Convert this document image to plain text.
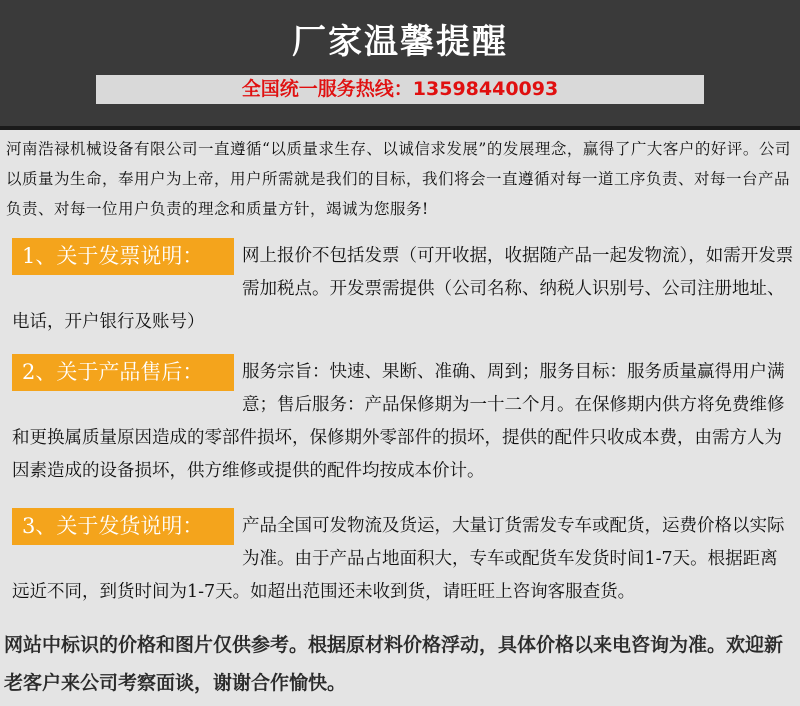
厂家温馨提醒
全国统一服务热线：13598440093
河南浩禄机械设备有限公司一直遵循“以质量求生存、以诚信求发展”的发展理念，赢得了广大客户的好评。公司以质量为生命，奉用户为上帝，用户所需就是我们的目标，我们将会一直遵循对每一道工序负责、对每一台产品负责、对每一位用户负责的理念和质量方针，竭诚为您服务!
1、关于发票说明：	网上报价不包括发票（可开收据，收据随产品一起发物流），如需开发票需加税点。开发票需提供（公司名称、纳税人识别号、公司注册地址、电话，开户银行及账号）
2、关于产品售后：	服务宗旨：快速、果断、准确、周到；服务目标：服务质量赢得用户满意；售后服务：产品保修期为一十二个月。在保修期内供方将免费维修和更换属质量原因造成的零部件损坏，保修期外零部件的损坏，提供的配件只收成本费，由需方人为因素造成的设备损坏，供方维修或提供的配件均按成本价计。
3、关于发货说明：	产品全国可发物流及货运，大量订货需发专车或配货，运费价格以实际为准。由于产品占地面积大，专车或配货车发货时间1-7天。根据距离远近不同，到货时间为1-7天。如超出范围还未收到货，请旺旺上咨询客服查货。
网站中标识的价格和图片仅供参考。根据原材料价格浮动，具体价格以来电咨询为准。欢迎新老客户来公司考察面谈，谢谢合作愉快。
